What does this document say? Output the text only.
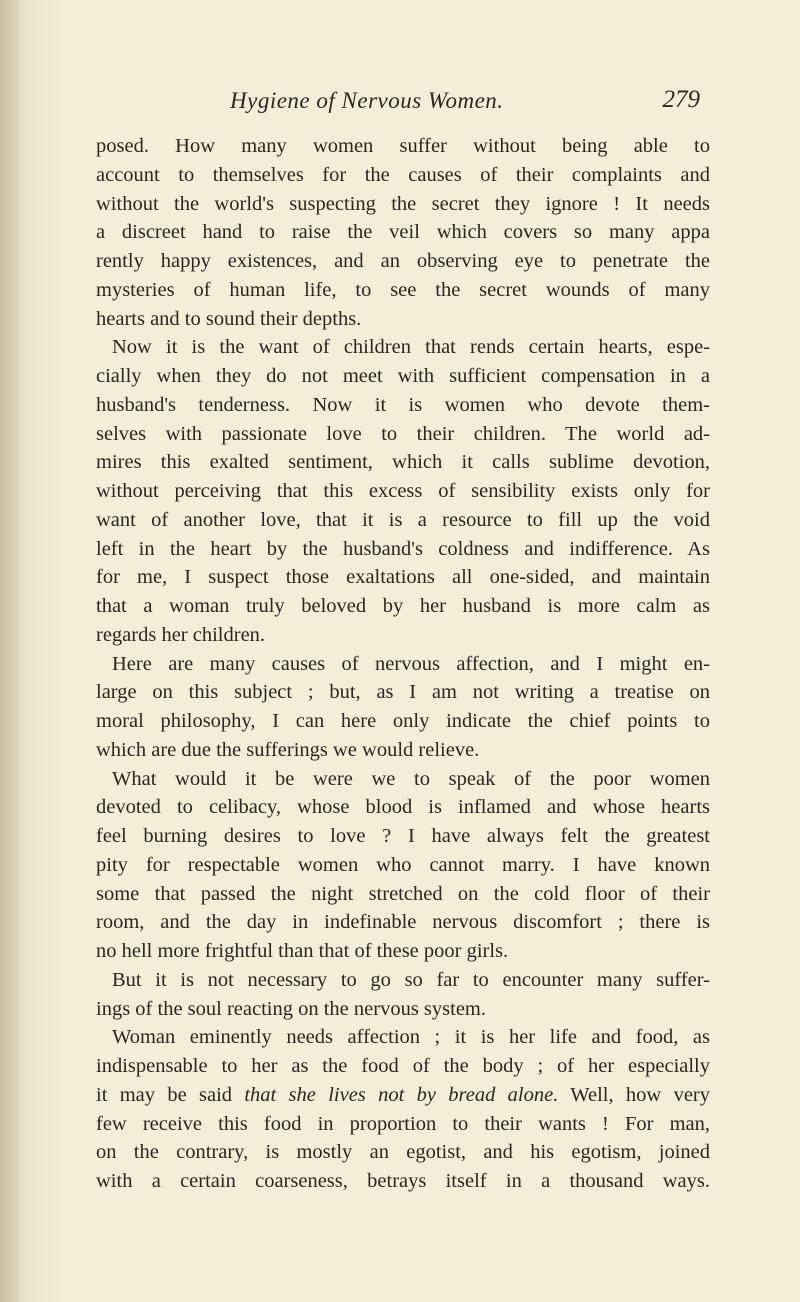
Hygiene of Nervous Women.	279
posed. How many women suffer without being able to
account to themselves for the causes of their complaints and
without the world's suspecting the secret they ignore ! It needs
a discreet hand to raise the veil which covers so many appa
rently happy existences, and an observing eye to penetrate the
mysteries of human life, to see the secret wounds of many
hearts and to sound their depths.
Now it is the want of children that rends certain hearts, espe-
cially when they do not meet with sufficient compensation in a
husband's tenderness. Now it is women who devote them-
selves with passionate love to their children. The world ad-
mires this exalted sentiment, which it calls sublime devotion,
without perceiving that this excess of sensibility exists only for
want of another love, that it is a resource to fill up the void
left in the heart by the husband's coldness and indifference. As
for me, I suspect those exaltations all one-sided, and maintain
that a woman truly beloved by her husband is more calm as
regards her children.
Here are many causes of nervous affection, and I might en-
large on this subject ; but, as I am not writing a treatise on
moral philosophy, I can here only indicate the chief points to
which are due the sufferings we would relieve.
What would it be were we to speak of the poor women
devoted to celibacy, whose blood is inflamed and whose hearts
feel burning desires to love ? I have always felt the greatest
pity for respectable women who cannot marry. I have known
some that passed the night stretched on the cold floor of their
room, and the day in indefinable nervous discomfort ; there is
no hell more frightful than that of these poor girls.
But it is not necessary to go so far to encounter many suffer-
ings of the soul reacting on the nervous system.
Woman eminently needs affection ; it is her life and food, as
indispensable to her as the food of the body ; of her especially
it may be said that she lives not by bread alone. Well, how very
few receive this food in proportion to their wants ! For man,
on the contrary, is mostly an egotist, and his egotism, joined
with a certain coarseness, betrays itself in a thousand ways.
